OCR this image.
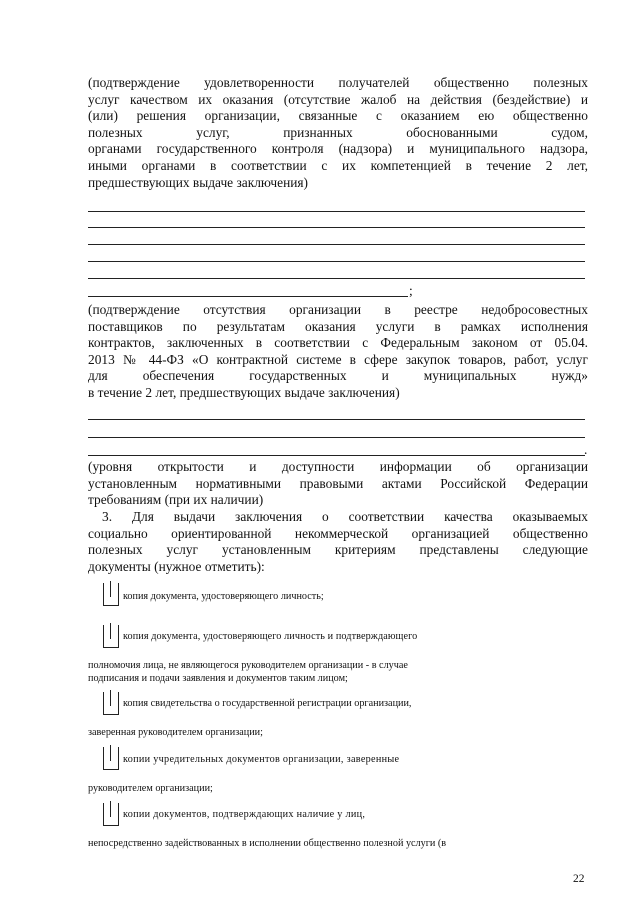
'
(подтверждение удовлетворенности получателей общественно полезных
услуг качеством их оказания (отсутствие жалоб на действия (бездействие) и
(или) решения организации, связанные с оказанием ею общественно
полезных услуг, признанных обоснованными судом,
органами государственного контроля (надзора) и муниципального надзора,
иными органами в соответствии с их компетенцией в течение 2 лет,
предшествующих выдаче заключения)
;
(подтверждение отсутствия организации в реестре недобросовестных
поставщиков по результатам оказания услуги в рамках исполнения
контрактов, заключенных в соответствии с Федеральным законом от 05.04.
2013 № 44-ФЗ «О контрактной системе в сфере закупок товаров, работ, услуг
для обеспечения государственных и муниципальных нужд»
в течение 2 лет, предшествующих выдаче заключения)
.
(уровня открытости и доступности информации об организации
установленным нормативными правовыми актами Российской Федерации
требованиям (при их наличии)
3. Для выдачи заключения о соответствии качества оказываемых
социально ориентированной некоммерческой организацией общественно
полезных услуг установленным критериям представлены следующие
документы (нужное отметить):
копия документа, удостоверяющего личность;
копия документа, удостоверяющего личность и подтверждающего
полномочия лица, не являющегося руководителем организации - в случае
подписания и подачи заявления и документов таким лицом;
копия свидетельства о государственной регистрации организации,
заверенная руководителем организации;
копии учредительных документов организации, заверенные
руководителем организации;
копии документов, подтверждающих наличие у лиц,
непосредственно задействованных в исполнении общественно полезной услуги (в
22
